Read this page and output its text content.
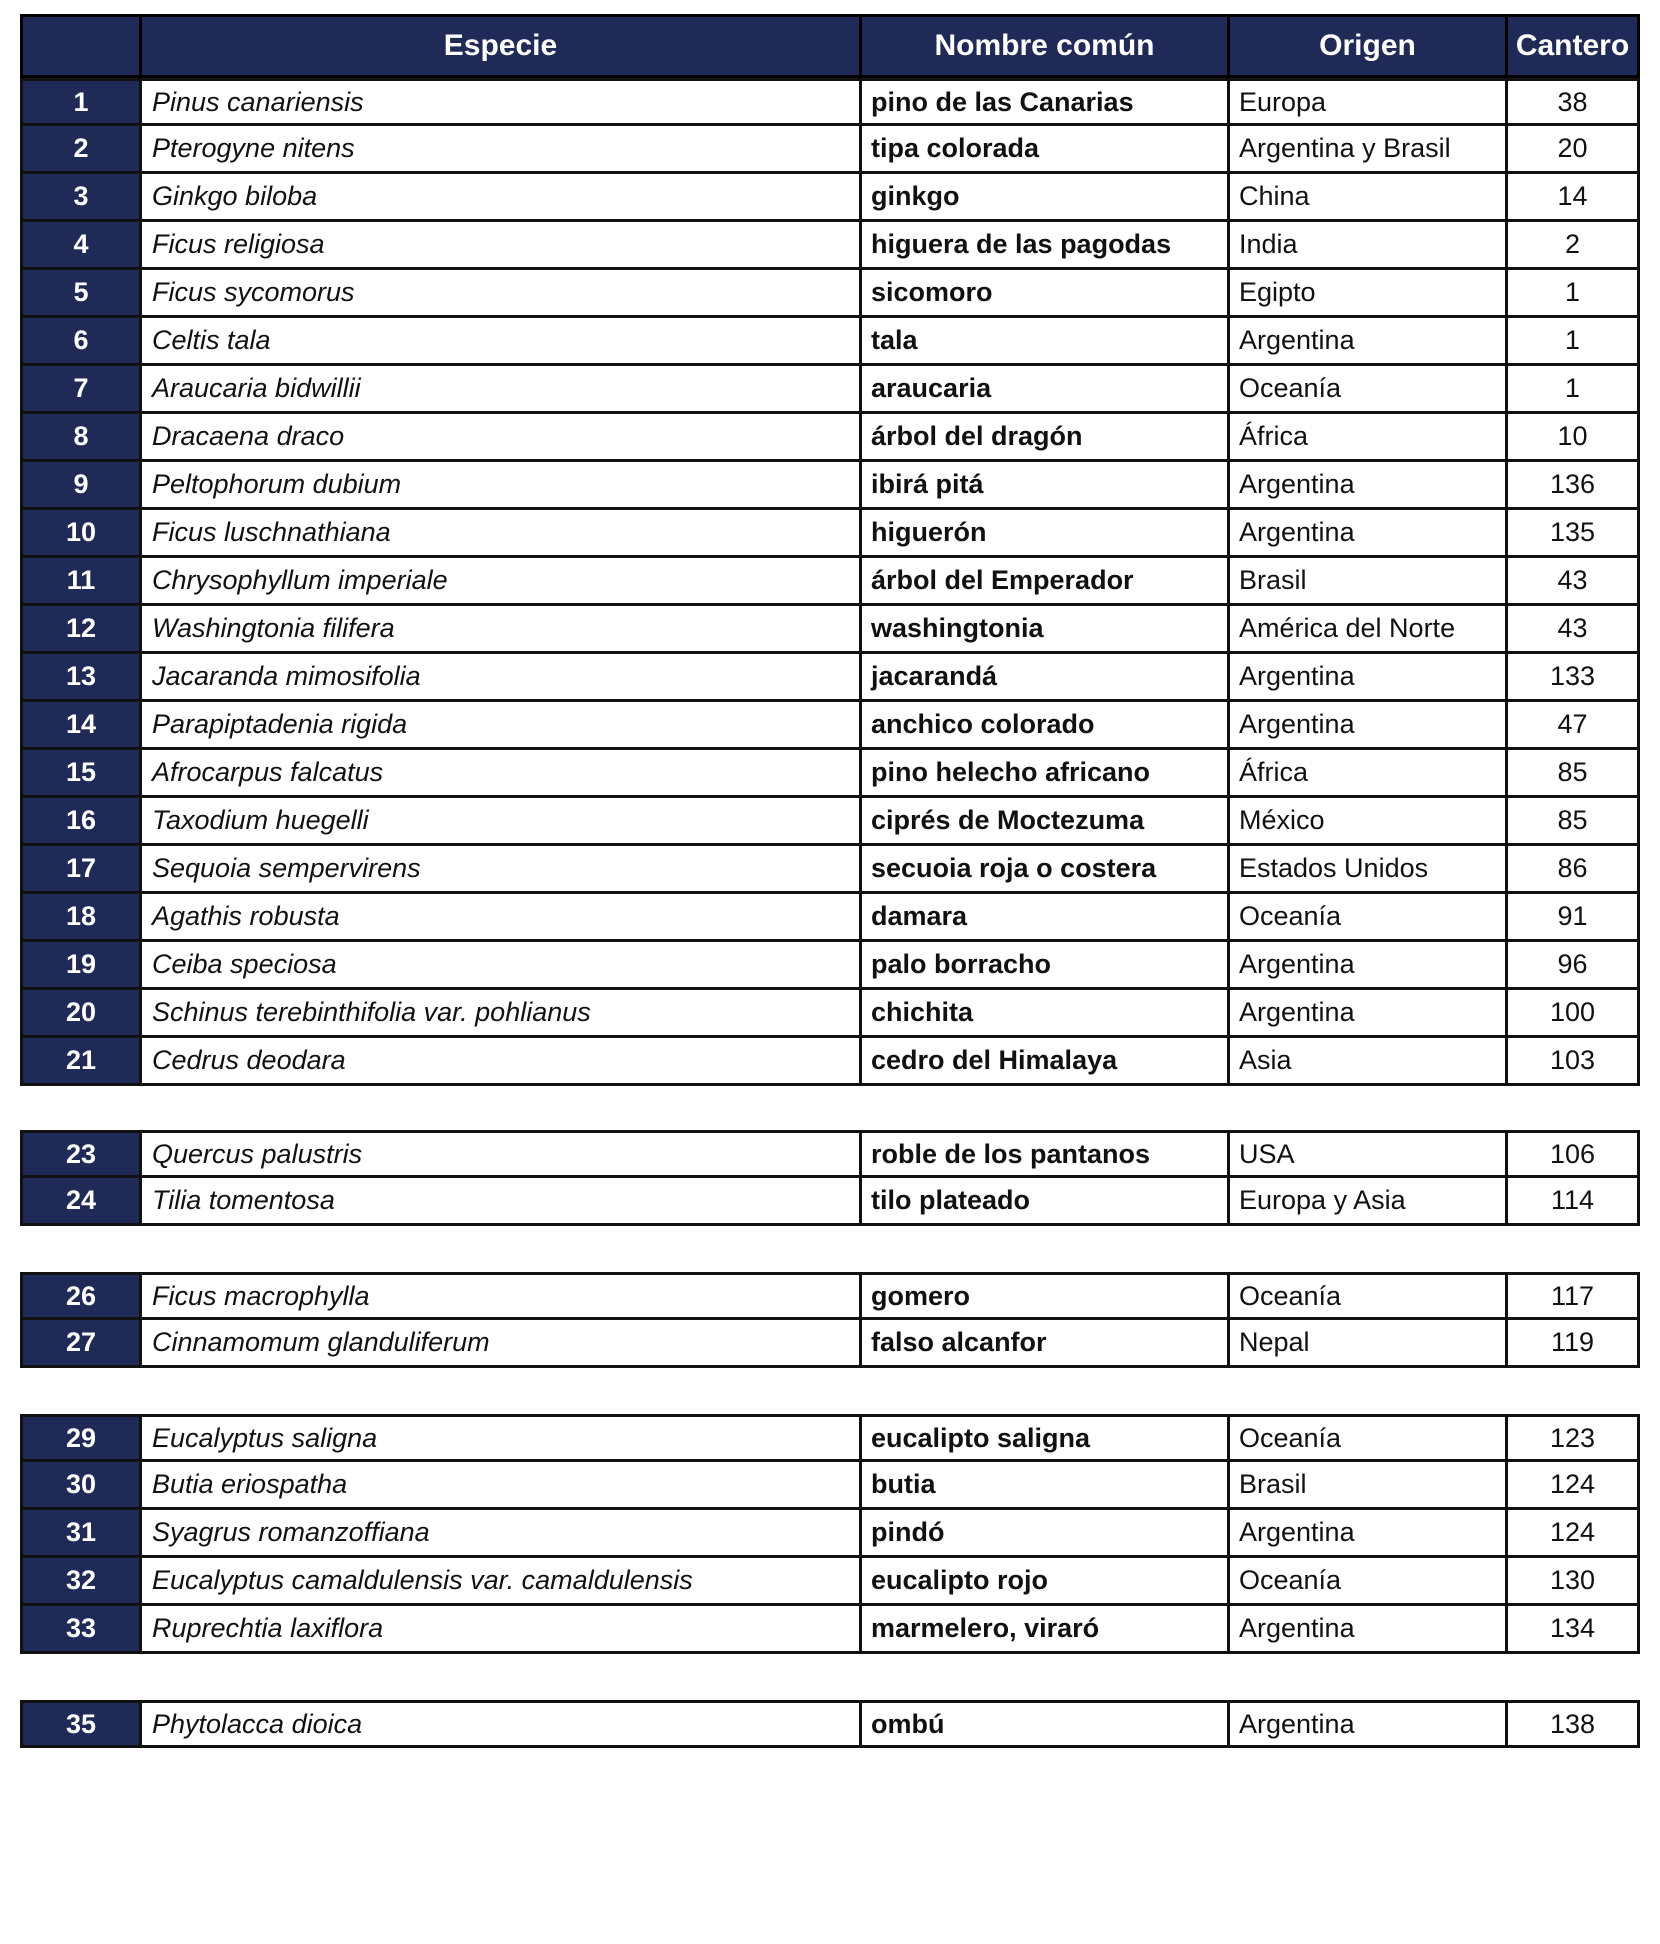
	Especie	Nombre común	Origen	Cantero
1	Pinus canariensis	pino de las Canarias	Europa	38
2	Pterogyne nitens	tipa colorada	Argentina y Brasil	20
3	Ginkgo biloba	ginkgo	China	14
4	Ficus religiosa	higuera de las pagodas	India	2
5	Ficus sycomorus	sicomoro	Egipto	1
6	Celtis tala	tala	Argentina	1
7	Araucaria bidwillii	araucaria	Oceanía	1
8	Dracaena draco	árbol del dragón	África	10
9	Peltophorum dubium	ibirá pitá	Argentina	136
10	Ficus luschnathiana	higuerón	Argentina	135
11	Chrysophyllum imperiale	árbol del Emperador	Brasil	43
12	Washingtonia filifera	washingtonia	América del Norte	43
13	Jacaranda mimosifolia	jacarandá	Argentina	133
14	Parapiptadenia rigida	anchico colorado	Argentina	47
15	Afrocarpus falcatus	pino helecho africano	África	85
16	Taxodium huegelli	ciprés de Moctezuma	México	85
17	Sequoia sempervirens	secuoia roja o costera	Estados Unidos	86
18	Agathis robusta	damara	Oceanía	91
19	Ceiba speciosa	palo borracho	Argentina	96
20	Schinus terebinthifolia var. pohlianus	chichita	Argentina	100
21	Cedrus deodara	cedro del Himalaya	Asia	103
23	Quercus palustris	roble de los pantanos	USA	106
24	Tilia tomentosa	tilo plateado	Europa y Asia	114
26	Ficus macrophylla	gomero	Oceanía	117
27	Cinnamomum glanduliferum	falso alcanfor	Nepal	119
29	Eucalyptus saligna	eucalipto saligna	Oceanía	123
30	Butia eriospatha	butia	Brasil	124
31	Syagrus romanzoffiana	pindó	Argentina	124
32	Eucalyptus camaldulensis var. camaldulensis	eucalipto rojo	Oceanía	130
33	Ruprechtia laxiflora	marmelero, viraró	Argentina	134
35	Phytolacca dioica	ombú	Argentina	138
